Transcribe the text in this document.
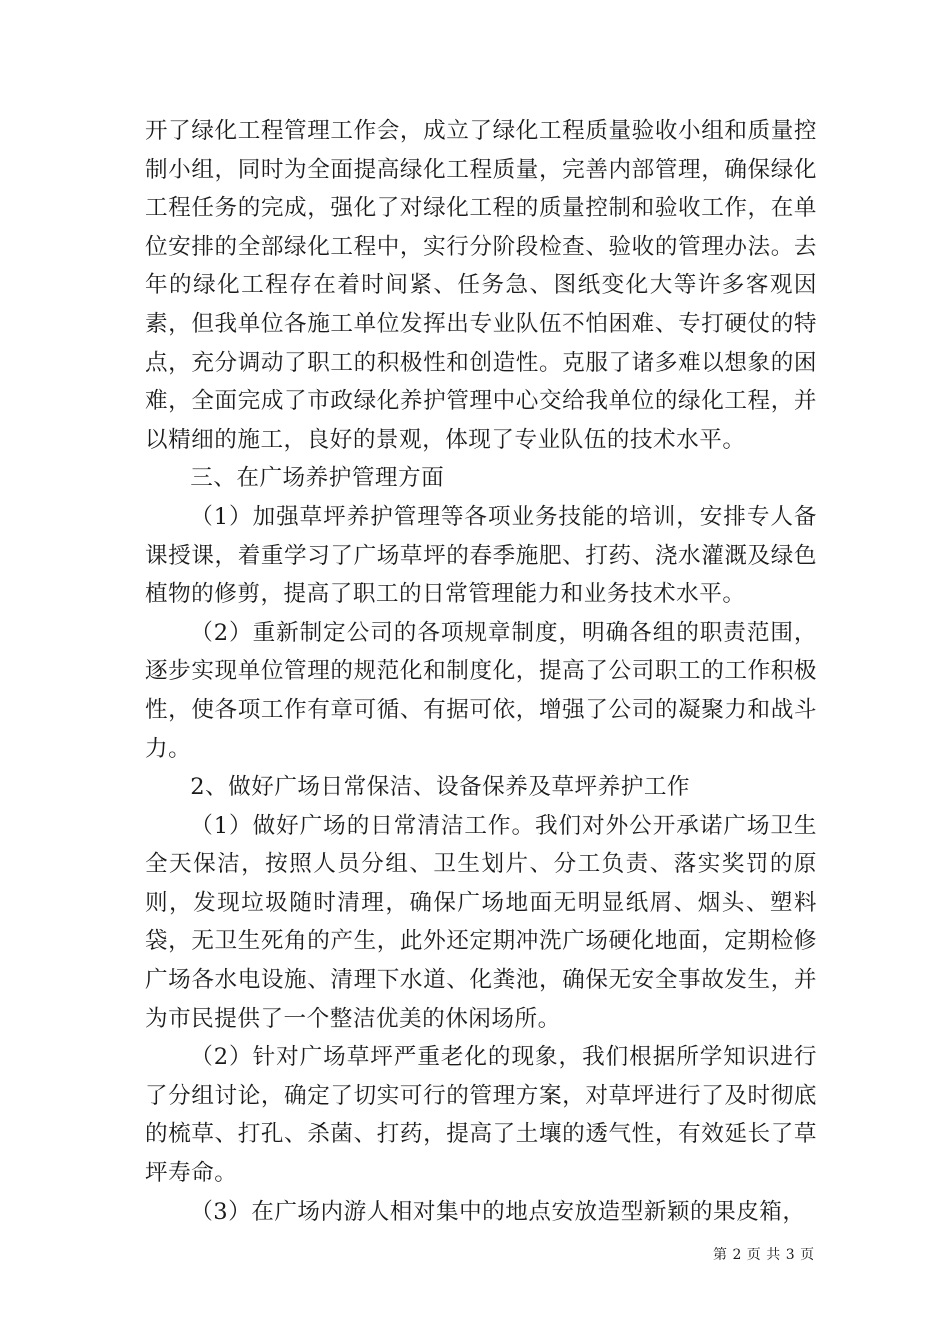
开了绿化工程管理工作会，成立了绿化工程质量验收小组和质量控制小组，同时为全面提高绿化工程质量，完善内部管理，确保绿化工程任务的完成，强化了对绿化工程的质量控制和验收工作，在单位安排的全部绿化工程中，实行分阶段检查、验收的管理办法。去年的绿化工程存在着时间紧、任务急、图纸变化大等许多客观因素，但我单位各施工单位发挥出专业队伍不怕困难、专打硬仗的特点，充分调动了职工的积极性和创造性。克服了诸多难以想象的困难，全面完成了市政绿化养护管理中心交给我单位的绿化工程，并以精细的施工，良好的景观，体现了专业队伍的技术水平。

三、在广场养护管理方面

（1）加强草坪养护管理等各项业务技能的培训，安排专人备课授课，着重学习了广场草坪的春季施肥、打药、浇水灌溉及绿色植物的修剪，提高了职工的日常管理能力和业务技术水平。

（2）重新制定公司的各项规章制度，明确各组的职责范围，逐步实现单位管理的规范化和制度化，提高了公司职工的工作积极性，使各项工作有章可循、有据可依，增强了公司的凝聚力和战斗力。

2、做好广场日常保洁、设备保养及草坪养护工作

（1）做好广场的日常清洁工作。我们对外公开承诺广场卫生全天保洁，按照人员分组、卫生划片、分工负责、落实奖罚的原则，发现垃圾随时清理，确保广场地面无明显纸屑、烟头、塑料袋，无卫生死角的产生，此外还定期冲洗广场硬化地面，定期检修广场各水电设施、清理下水道、化粪池，确保无安全事故发生，并为市民提供了一个整洁优美的休闲场所。

（2）针对广场草坪严重老化的现象，我们根据所学知识进行了分组讨论，确定了切实可行的管理方案，对草坪进行了及时彻底的梳草、打孔、杀菌、打药，提高了土壤的透气性，有效延长了草坪寿命。

（3）在广场内游人相对集中的地点安放造型新颖的果皮箱，

第 2 页 共 3 页
